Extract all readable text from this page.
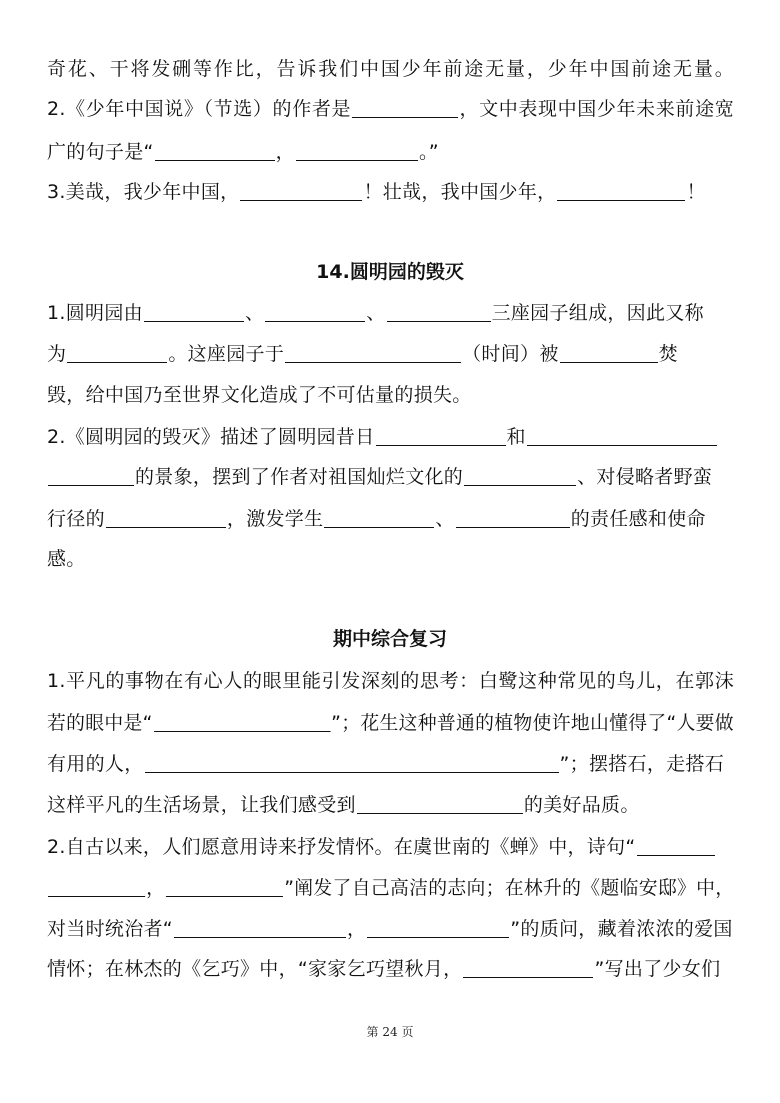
奇花、干将发硎等作比，告诉我们中国少年前途无量，少年中国前途无量。
2.《少年中国说》（节选）的作者是	，文中表现中国少年未来前途宽
广的句子是“	，	。”
3.美哉，我少年中国，	！壮哉，我中国少年，	！
14.圆明园的毁灭
1.圆明园由	、	、	三座园子组成，因此又称
为	。这座园子于	（时间）被	焚
毁，给中国乃至世界文化造成了不可估量的损失。
2.《圆明园的毁灭》描述了圆明园昔日	和
的景象，摆到了作者对祖国灿烂文化的	、对侵略者野蛮
行径的	，激发学生	、	的责任感和使命
感。
期中综合复习
1.平凡的事物在有心人的眼里能引发深刻的思考：白鹭这种常见的鸟儿，在郭沫
若的眼中是“	”；花生这种普通的植物使许地山懂得了“人要做
有用的人，	”；摆搭石，走搭石
这样平凡的生活场景，让我们感受到	的美好品质。
2.自古以来，人们愿意用诗来抒发情怀。在虞世南的《蝉》中，诗句“
，	”阐发了自己高洁的志向；在林升的《题临安邸》中，
对当时统治者“	，	”的质问，藏着浓浓的爱国
情怀；在林杰的《乞巧》中，“家家乞巧望秋月，	”写出了少女们
第 24 页
